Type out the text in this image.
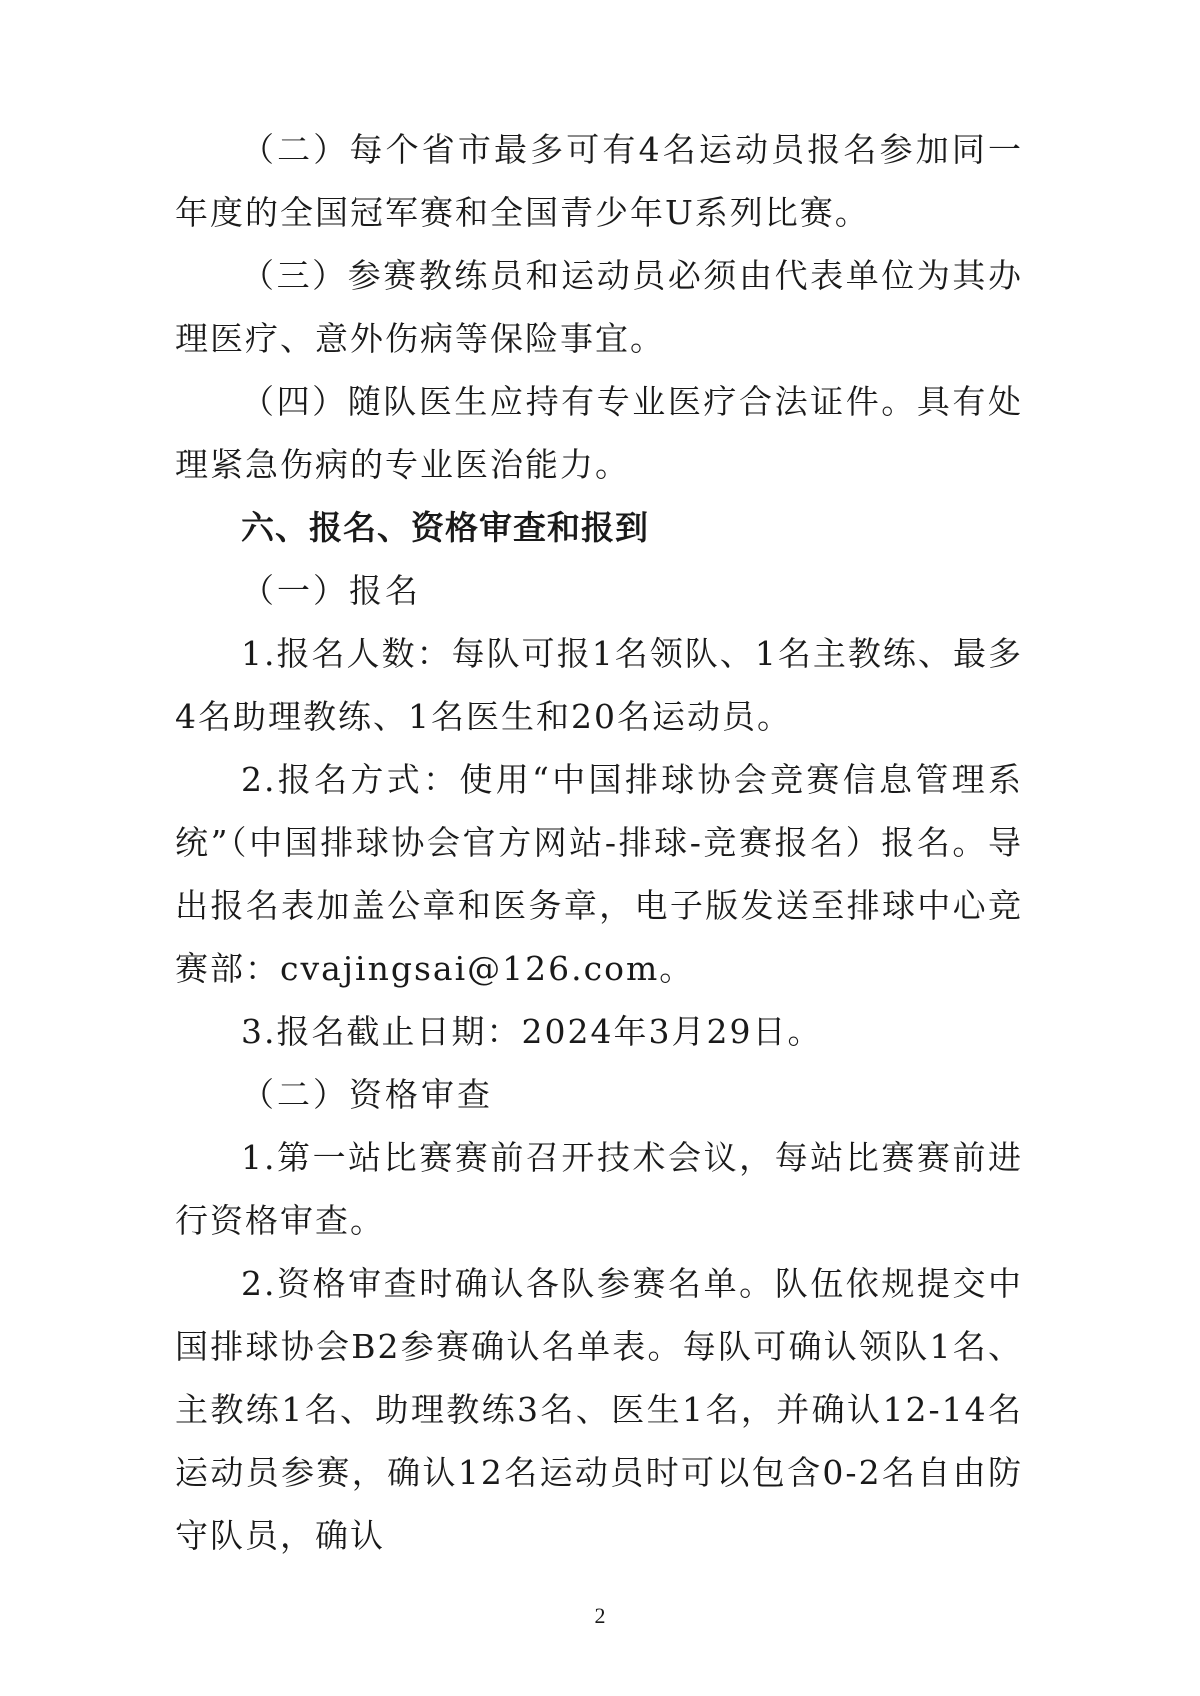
（二）每个省市最多可有4名运动员报名参加同一年度的全国冠军赛和全国青少年U系列比赛。

（三）参赛教练员和运动员必须由代表单位为其办理医疗、意外伤病等保险事宜。

（四）随队医生应持有专业医疗合法证件。具有处理紧急伤病的专业医治能力。

六、报名、资格审查和报到

（一）报名

1.报名人数：每队可报1名领队、1名主教练、最多4名助理教练、1名医生和20名运动员。

2.报名方式：使用“中国排球协会竞赛信息管理系统”（中国排球协会官方网站-排球-竞赛报名）报名。导出报名表加盖公章和医务章，电子版发送至排球中心竞赛部：cvajingsai@126.com。

3.报名截止日期：2024年3月29日。

（二）资格审查

1.第一站比赛赛前召开技术会议，每站比赛赛前进行资格审查。

2.资格审查时确认各队参赛名单。队伍依规提交中国排球协会B2参赛确认名单表。每队可确认领队1名、主教练1名、助理教练3名、医生1名，并确认12-14名运动员参赛，确认12名运动员时可以包含0-2名自由防守队员，确认

2
